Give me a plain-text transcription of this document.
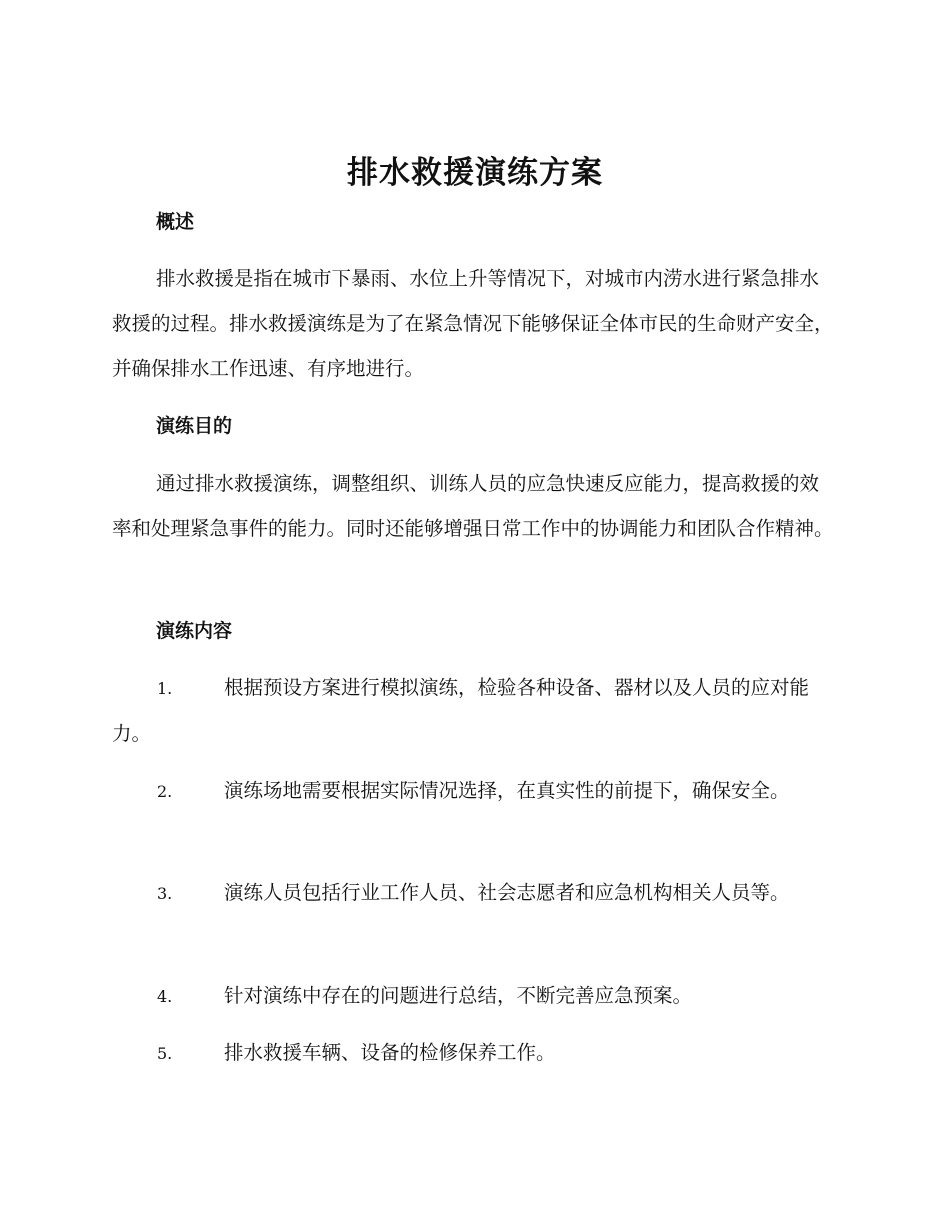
排水救援演练方案
概述

排水救援是指在城市下暴雨、水位上升等情况下，对城市内涝水进行紧急排水救援的过程。排水救援演练是为了在紧急情况下能够保证全体市民的生命财产安全，并确保排水工作迅速、有序地进行。

演练目的

通过排水救援演练，调整组织、训练人员的应急快速反应能力，提高救援的效率和处理紧急事件的能力。同时还能够增强日常工作中的协调能力和团队合作精神。

演练内容

1.	根据预设方案进行模拟演练，检验各种设备、器材以及人员的应对能力。

2.	演练场地需要根据实际情况选择，在真实性的前提下，确保安全。

3.	演练人员包括行业工作人员、社会志愿者和应急机构相关人员等。

4.	针对演练中存在的问题进行总结，不断完善应急预案。

5.	排水救援车辆、设备的检修保养工作。
